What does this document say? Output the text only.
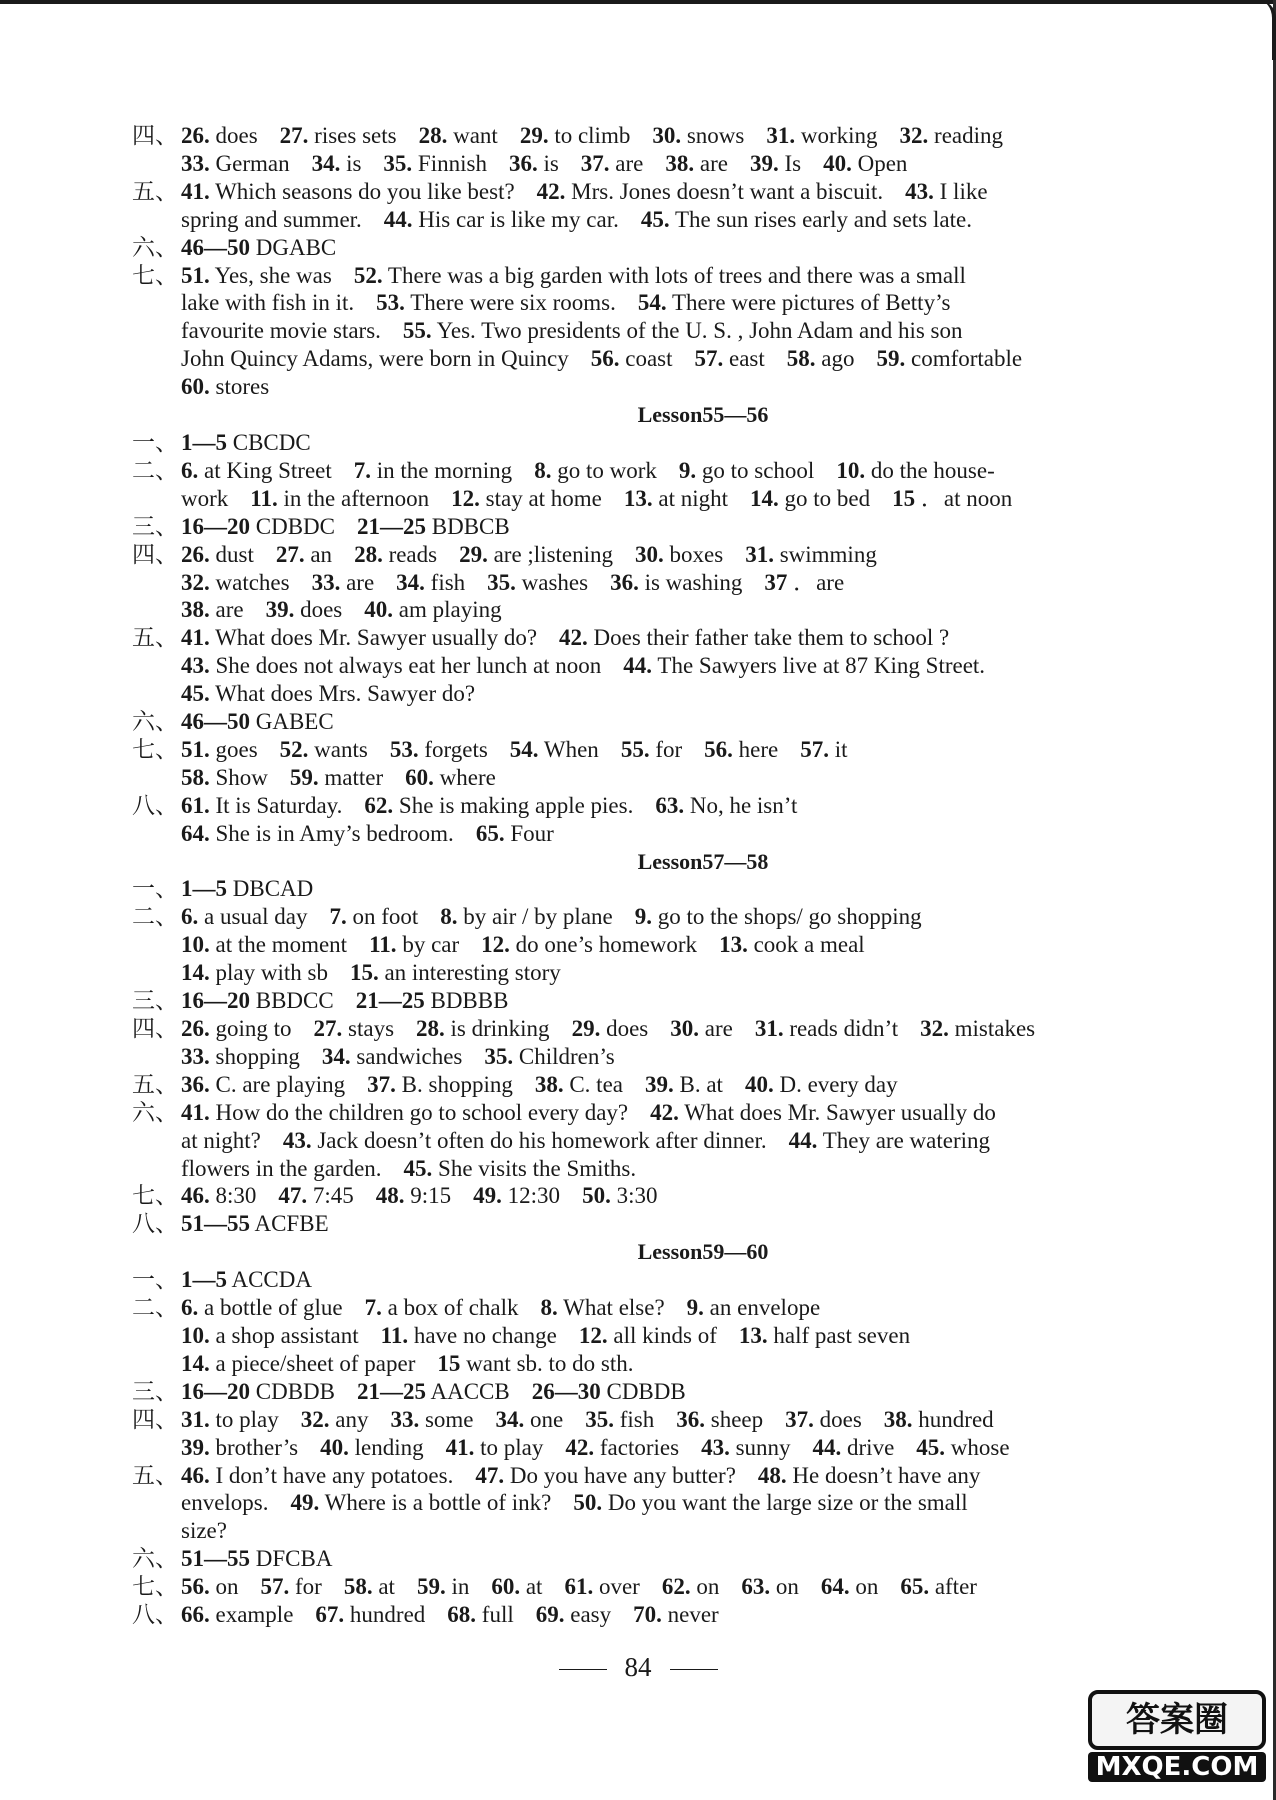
四、 26. does 27. rises sets 28. want 29. to climb 30. snows 31. working 32. reading
33. German 34. is 35. Finnish 36. is 37. are 38. are 39. Is 40. Open
五、 41. Which seasons do you like best? 42. Mrs. Jones doesn’t want a biscuit. 43. I like
spring and summer. 44. His car is like my car. 45. The sun rises early and sets late.
六、 46—50 DGABC
七、 51. Yes, she was 52. There was a big garden with lots of trees and there was a small
lake with fish in it. 53. There were six rooms. 54. There were pictures of Betty’s
favourite movie stars. 55. Yes. Two presidents of the U. S. , John Adam and his son
John Quincy Adams, were born in Quincy 56. coast 57. east 58. ago 59. comfortable
60. stores
Lesson55—56
一、 1—5 CBCDC
二、 6. at King Street 7. in the morning 8. go to work 9. go to school 10. do the house-
work 11. in the afternoon 12. stay at home 13. at night 14. go to bed 15 ．at noon
三、 16—20 CDBDC 21—25 BDBCB
四、 26. dust 27. an 28. reads 29. are ;listening 30. boxes 31. swimming
32. watches 33. are 34. fish 35. washes 36. is washing 37 ．are
38. are 39. does 40. am playing
五、 41. What does Mr. Sawyer usually do? 42. Does their father take them to school ?
43. She does not always eat her lunch at noon 44. The Sawyers live at 87 King Street.
45. What does Mrs. Sawyer do?
六、 46—50 GABEC
七、 51. goes 52. wants 53. forgets 54. When 55. for 56. here 57. it
58. Show 59. matter 60. where
八、 61. It is Saturday. 62. She is making apple pies. 63. No, he isn’t
64. She is in Amy’s bedroom. 65. Four
Lesson57—58
一、 1—5 DBCAD
二、 6. a usual day 7. on foot 8. by air / by plane 9. go to the shops/ go shopping
10. at the moment 11. by car 12. do one’s homework 13. cook a meal
14. play with sb 15. an interesting story
三、 16—20 BBDCC 21—25 BDBBB
四、 26. going to 27. stays 28. is drinking 29. does 30. are 31. reads didn’t 32. mistakes
33. shopping 34. sandwiches 35. Children’s
五、 36. C. are playing 37. B. shopping 38. C. tea 39. B. at 40. D. every day
六、 41. How do the children go to school every day? 42. What does Mr. Sawyer usually do
at night? 43. Jack doesn’t often do his homework after dinner. 44. They are watering
flowers in the garden. 45. She visits the Smiths.
七、 46. 8:30 47. 7:45 48. 9:15 49. 12:30 50. 3:30
八、 51—55 ACFBE
Lesson59—60
一、 1—5 ACCDA
二、 6. a bottle of glue 7. a box of chalk 8. What else? 9. an envelope
10. a shop assistant 11. have no change 12. all kinds of 13. half past seven
14. a piece/sheet of paper 15 want sb. to do sth.
三、 16—20 CDBDB 21—25 AACCB 26—30 CDBDB
四、 31. to play 32. any 33. some 34. one 35. fish 36. sheep 37. does 38. hundred
39. brother’s 40. lending 41. to play 42. factories 43. sunny 44. drive 45. whose
五、 46. I don’t have any potatoes. 47. Do you have any butter? 48. He doesn’t have any
envelops. 49. Where is a bottle of ink? 50. Do you want the large size or the small
size?
六、 51—55 DFCBA
七、 56. on 57. for 58. at 59. in 60. at 61. over 62. on 63. on 64. on 65. after
八、 66. example 67. hundred 68. full 69. easy 70. never
84
答案圈
MXQE.COM
